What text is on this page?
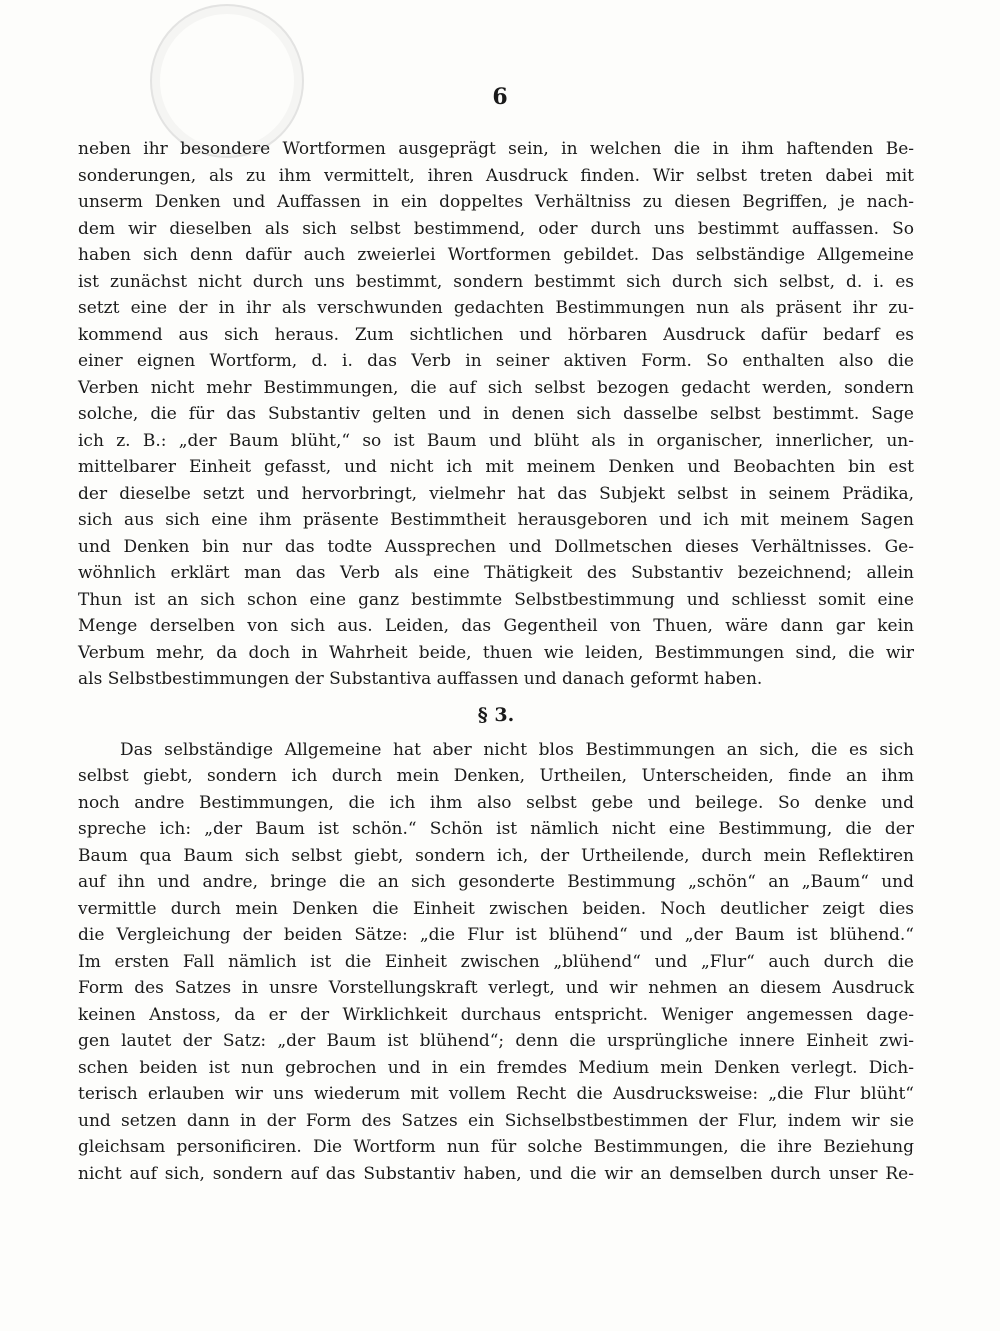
6
neben ihr besondere Wortformen ausgeprägt sein, in welchen die in ihm haftenden Be-
sonderungen, als zu ihm vermittelt, ihren Ausdruck finden. Wir selbst treten dabei mit
unserm Denken und Auffassen in ein doppeltes Verhältniss zu diesen Begriffen, je nach-
dem wir dieselben als sich selbst bestimmend, oder durch uns bestimmt auffassen. So
haben sich denn dafür auch zweierlei Wortformen gebildet. Das selbständige Allgemeine
ist zunächst nicht durch uns bestimmt, sondern bestimmt sich durch sich selbst, d. i. es
setzt eine der in ihr als verschwunden gedachten Bestimmungen nun als präsent ihr zu-
kommend aus sich heraus. Zum sichtlichen und hörbaren Ausdruck dafür bedarf es
einer eignen Wortform, d. i. das Verb in seiner aktiven Form. So enthalten also die
Verben nicht mehr Bestimmungen, die auf sich selbst bezogen gedacht werden, sondern
solche, die für das Substantiv gelten und in denen sich dasselbe selbst bestimmt. Sage
ich z. B.: „der Baum blüht,“ so ist Baum und blüht als in organischer, innerlicher, un-
mittelbarer Einheit gefasst, und nicht ich mit meinem Denken und Beobachten bin est
der dieselbe setzt und hervorbringt, vielmehr hat das Subjekt selbst in seinem Prädika,
sich aus sich eine ihm präsente Bestimmtheit herausgeboren und ich mit meinem Sagen
und Denken bin nur das todte Aussprechen und Dollmetschen dieses Verhältnisses. Ge-
wöhnlich erklärt man das Verb als eine Thätigkeit des Substantiv bezeichnend; allein
Thun ist an sich schon eine ganz bestimmte Selbstbestimmung und schliesst somit eine
Menge derselben von sich aus. Leiden, das Gegentheil von Thuen, wäre dann gar kein
Verbum mehr, da doch in Wahrheit beide, thuen wie leiden, Bestimmungen sind, die wir
als Selbstbestimmungen der Substantiva auffassen und danach geformt haben.
§ 3.
Das selbständige Allgemeine hat aber nicht blos Bestimmungen an sich, die es sich
selbst giebt, sondern ich durch mein Denken, Urtheilen, Unterscheiden, finde an ihm
noch andre Bestimmungen, die ich ihm also selbst gebe und beilege. So denke und
spreche ich: „der Baum ist schön.“ Schön ist nämlich nicht eine Bestimmung, die der
Baum qua Baum sich selbst giebt, sondern ich, der Urtheilende, durch mein Reflektiren
auf ihn und andre, bringe die an sich gesonderte Bestimmung „schön“ an „Baum“ und
vermittle durch mein Denken die Einheit zwischen beiden. Noch deutlicher zeigt dies
die Vergleichung der beiden Sätze: „die Flur ist blühend“ und „der Baum ist blühend.“
Im ersten Fall nämlich ist die Einheit zwischen „blühend“ und „Flur“ auch durch die
Form des Satzes in unsre Vorstellungskraft verlegt, und wir nehmen an diesem Ausdruck
keinen Anstoss, da er der Wirklichkeit durchaus entspricht. Weniger angemessen dage-
gen lautet der Satz: „der Baum ist blühend“; denn die ursprüngliche innere Einheit zwi-
schen beiden ist nun gebrochen und in ein fremdes Medium mein Denken verlegt. Dich-
terisch erlauben wir uns wiederum mit vollem Recht die Ausdrucksweise: „die Flur blüht“
und setzen dann in der Form des Satzes ein Sichselbstbestimmen der Flur, indem wir sie
gleichsam personificiren. Die Wortform nun für solche Bestimmungen, die ihre Beziehung
nicht auf sich, sondern auf das Substantiv haben, und die wir an demselben durch unser Re-
